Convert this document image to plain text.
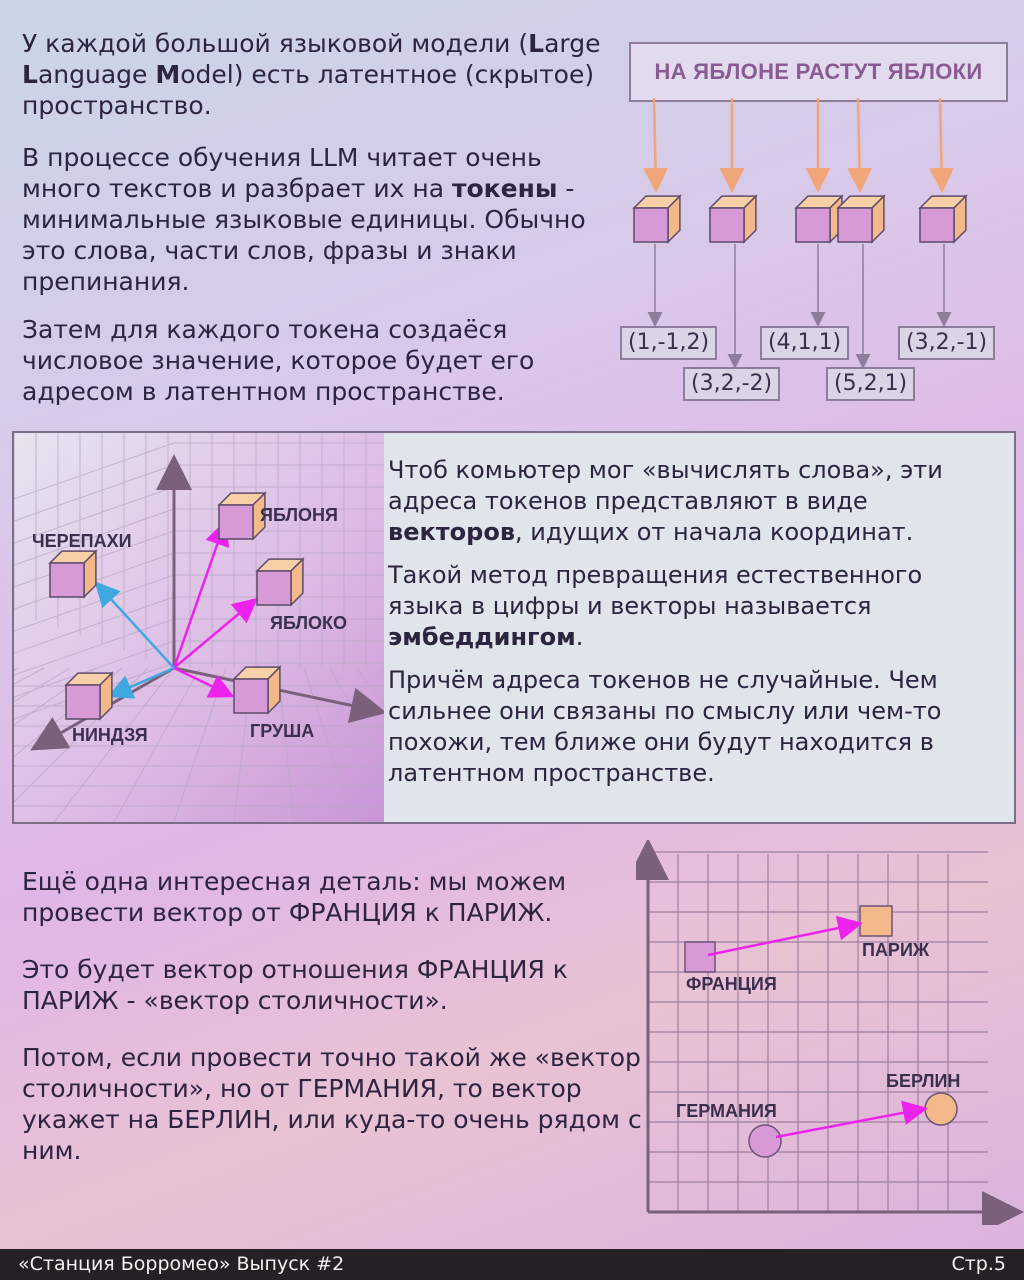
У каждой большой языковой модели (Large Language Model) есть латентное (скрытое) пространство.

В процессе обучения LLM читает очень много текстов и разбрает их на токены - минимальные языковые единицы. Обычно это слова, части слов, фразы и знаки препинания.

Затем для каждого токена создаёся числовое значение, которое будет его адресом в латентном пространстве.

НА ЯБЛОНЕ РАСТУТ ЯБЛОКИ
(1,-1,2)
(3,2,-2)
(4,1,1)
(5,2,1)
(3,2,-1)
ЧЕРЕПАХИ
ЯБЛОНЯ
ЯБЛОКО
НИНДЗЯ	ГРУША

Чтоб комьютер мог «вычислять слова», эти адреса токенов представляют в виде векторов, идущих от начала координат.

Такой метод превращения естественного языка в цифры и векторы называется эмбеддингом.

Причём адреса токенов не случайные. Чем сильнее они связаны по смыслу или чем-то похожи, тем ближе они будут находится в латентном пространстве.

Ещё одна интересная деталь: мы можем провести вектор от ФРАНЦИЯ к ПАРИЖ.

Это будет вектор отношения ФРАНЦИЯ к ПАРИЖ - «вектор столичности».

Потом, если провести точно такой же «вектор столичности», но от ГЕРМАНИЯ, то вектор укажет на БЕРЛИН, или куда-то очень рядом с ним.

ФРАНЦИЯ
ПАРИЖ
ГЕРМАНИЯ
БЕРЛИН
«Станция Борромео» Выпуск #2	Стр.5
